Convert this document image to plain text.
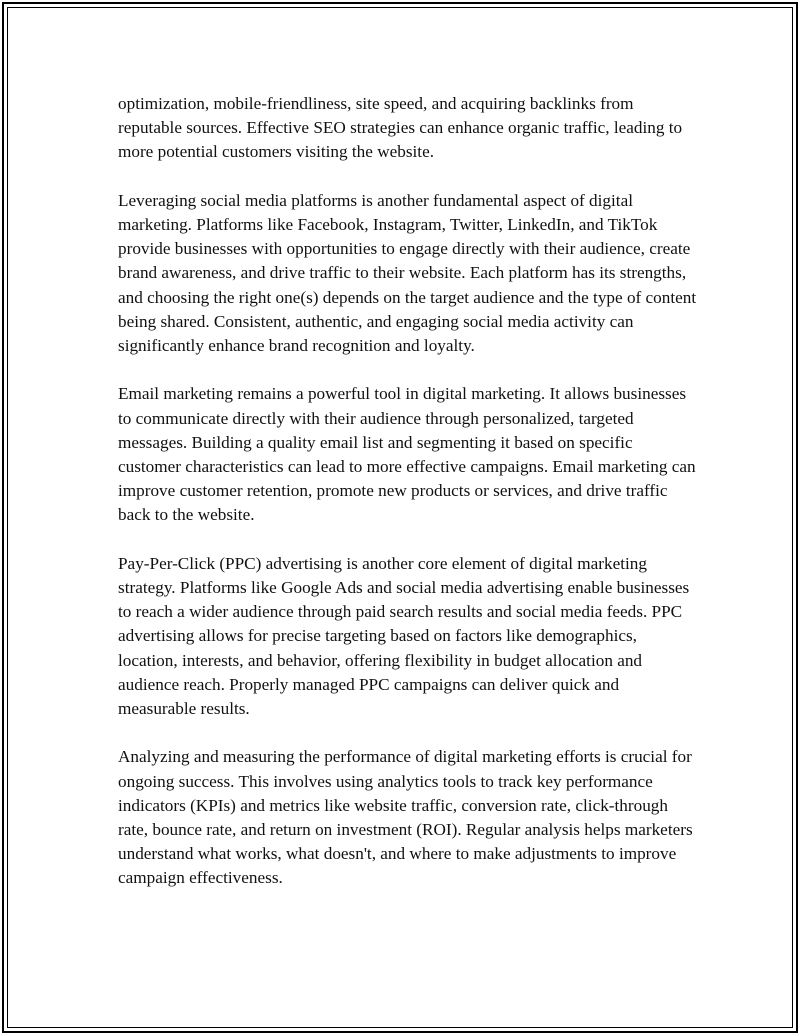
optimization, mobile-friendliness, site speed, and acquiring backlinks from reputable sources. Effective SEO strategies can enhance organic traffic, leading to more potential customers visiting the website.

Leveraging social media platforms is another fundamental aspect of digital marketing. Platforms like Facebook, Instagram, Twitter, LinkedIn, and TikTok provide businesses with opportunities to engage directly with their audience, create brand awareness, and drive traffic to their website. Each platform has its strengths, and choosing the right one(s) depends on the target audience and the type of content being shared. Consistent, authentic, and engaging social media activity can significantly enhance brand recognition and loyalty.

Email marketing remains a powerful tool in digital marketing. It allows businesses to communicate directly with their audience through personalized, targeted messages. Building a quality email list and segmenting it based on specific customer characteristics can lead to more effective campaigns. Email marketing can improve customer retention, promote new products or services, and drive traffic back to the website.

Pay-Per-Click (PPC) advertising is another core element of digital marketing strategy. Platforms like Google Ads and social media advertising enable businesses to reach a wider audience through paid search results and social media feeds. PPC advertising allows for precise targeting based on factors like demographics, location, interests, and behavior, offering flexibility in budget allocation and audience reach. Properly managed PPC campaigns can deliver quick and measurable results.

Analyzing and measuring the performance of digital marketing efforts is crucial for ongoing success. This involves using analytics tools to track key performance indicators (KPIs) and metrics like website traffic, conversion rate, click-through rate, bounce rate, and return on investment (ROI). Regular analysis helps marketers understand what works, what doesn't, and where to make adjustments to improve campaign effectiveness.
